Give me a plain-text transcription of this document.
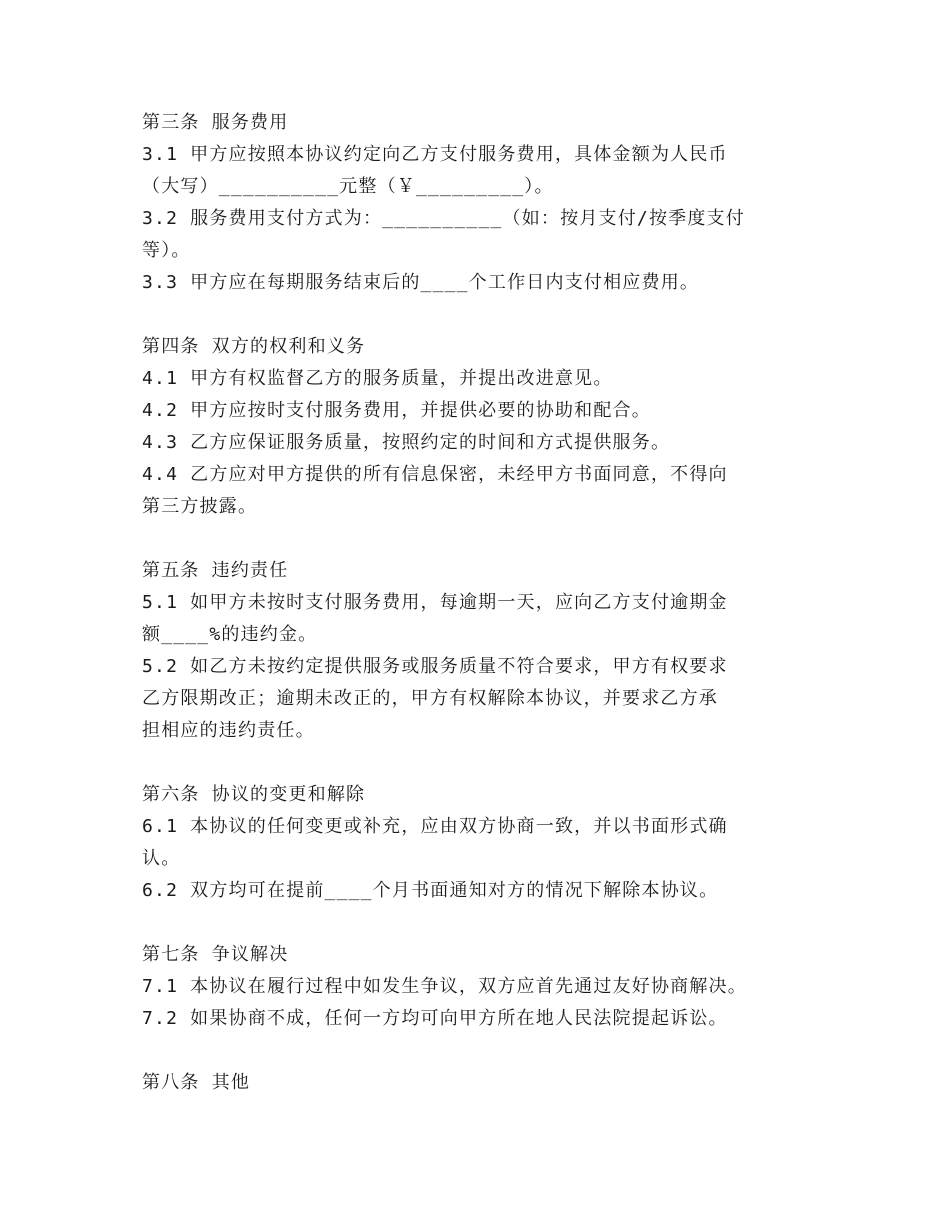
第三条 服务费用
3.1 甲方应按照本协议约定向乙方支付服务费用，具体金额为人民币
（大写）__________元整（￥_________）。
3.2 服务费用支付方式为：__________（如：按月支付/按季度支付
等）。
3.3 甲方应在每期服务结束后的____个工作日内支付相应费用。
第四条 双方的权利和义务
4.1 甲方有权监督乙方的服务质量，并提出改进意见。
4.2 甲方应按时支付服务费用，并提供必要的协助和配合。
4.3 乙方应保证服务质量，按照约定的时间和方式提供服务。
4.4 乙方应对甲方提供的所有信息保密，未经甲方书面同意，不得向
第三方披露。
第五条 违约责任
5.1 如甲方未按时支付服务费用，每逾期一天，应向乙方支付逾期金
额____%的违约金。
5.2 如乙方未按约定提供服务或服务质量不符合要求，甲方有权要求
乙方限期改正；逾期未改正的，甲方有权解除本协议，并要求乙方承
担相应的违约责任。
第六条 协议的变更和解除
6.1 本协议的任何变更或补充，应由双方协商一致，并以书面形式确
认。
6.2 双方均可在提前____个月书面通知对方的情况下解除本协议。
第七条 争议解决
7.1 本协议在履行过程中如发生争议，双方应首先通过友好协商解决。
7.2 如果协商不成，任何一方均可向甲方所在地人民法院提起诉讼。
第八条 其他
